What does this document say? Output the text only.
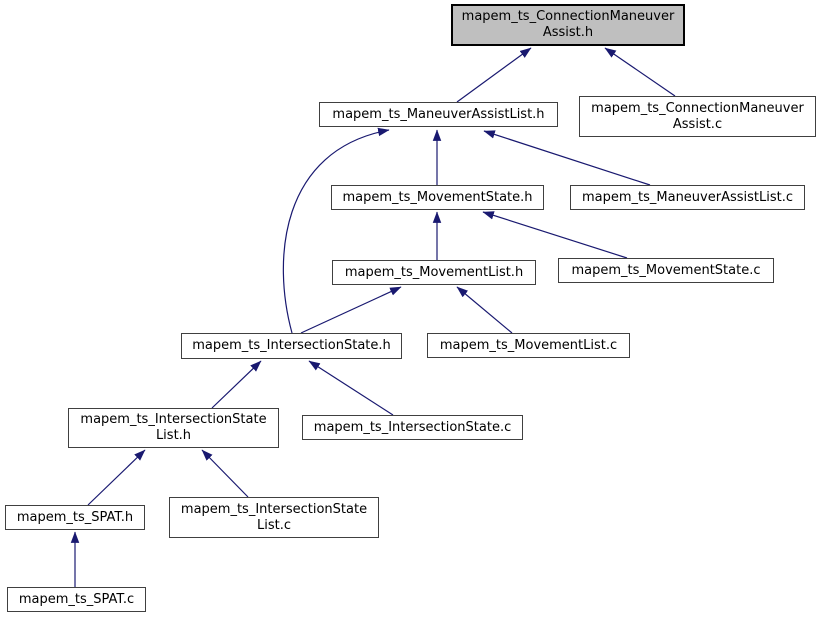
mapem_ts_ConnectionManeuver
Assist.h
mapem_ts_ManeuverAssistList.h	mapem_ts_ConnectionManeuver
Assist.c
mapem_ts_MovementState.h	mapem_ts_ManeuverAssistList.c
mapem_ts_MovementList.h	mapem_ts_MovementState.c
mapem_ts_IntersectionState.h	mapem_ts_MovementList.c
mapem_ts_IntersectionState
List.h
mapem_ts_IntersectionState.c
mapem_ts_SPAT.h
mapem_ts_IntersectionState
List.c
mapem_ts_SPAT.c
